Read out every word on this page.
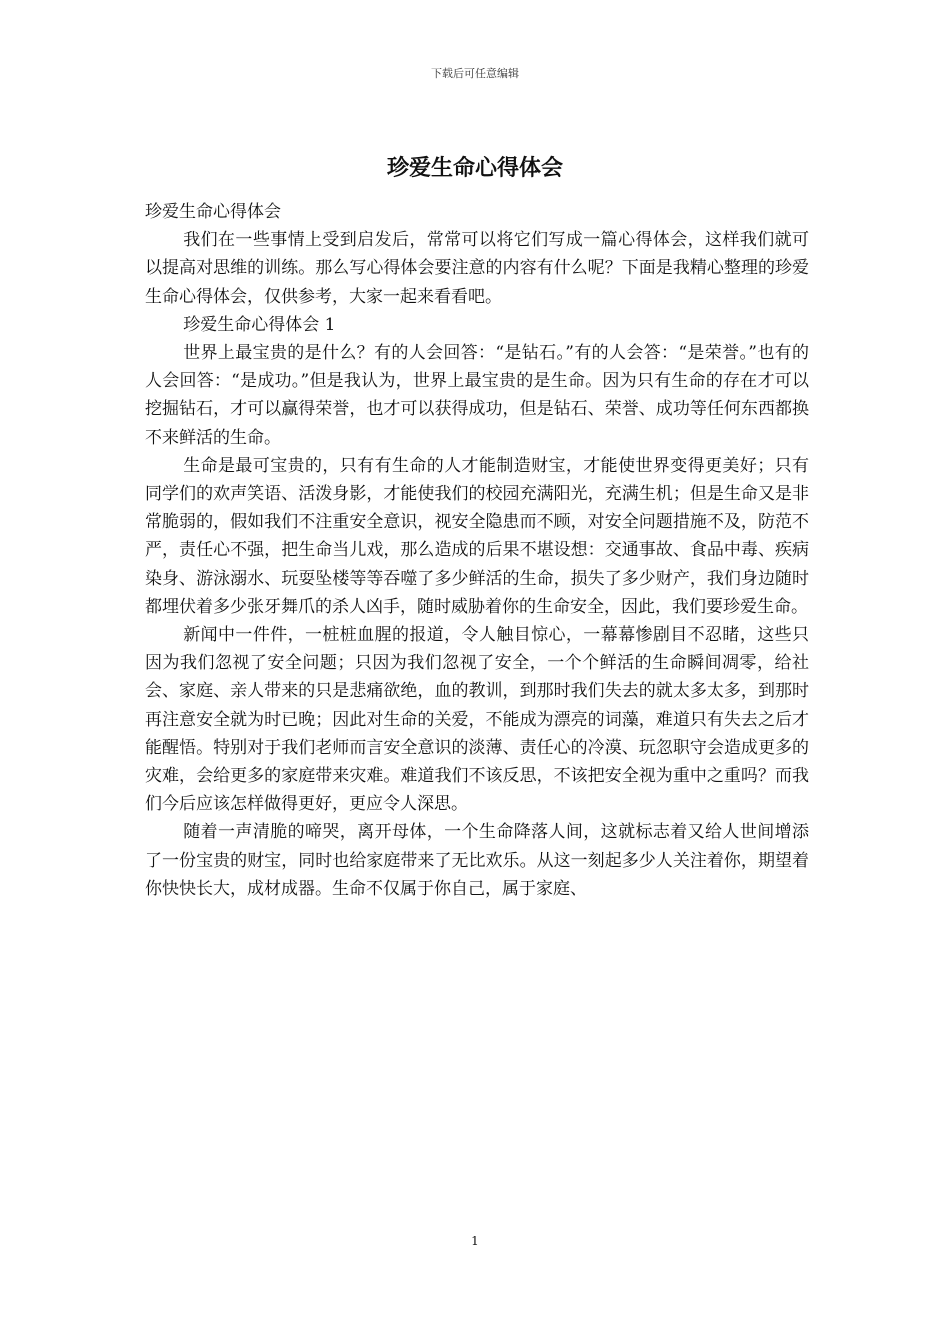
下载后可任意编辑
珍爱生命心得体会

珍爱生命心得体会

我们在一些事情上受到启发后，常常可以将它们写成一篇心得体会，这样我们就可以提高对思维的训练。那么写心得体会要注意的内容有什么呢？下面是我精心整理的珍爱生命心得体会，仅供参考，大家一起来看看吧。

珍爱生命心得体会 1

世界上最宝贵的是什么？有的人会回答：“是钻石。”有的人会答：“是荣誉。”也有的人会回答：“是成功。”但是我认为，世界上最宝贵的是生命。因为只有生命的存在才可以挖掘钻石，才可以赢得荣誉，也才可以获得成功，但是钻石、荣誉、成功等任何东西都换不来鲜活的生命。

生命是最可宝贵的，只有有生命的人才能制造财宝，才能使世界变得更美好；只有同学们的欢声笑语、活泼身影，才能使我们的校园充满阳光，充满生机；但是生命又是非常脆弱的，假如我们不注重安全意识，视安全隐患而不顾，对安全问题措施不及，防范不严，责任心不强，把生命当儿戏，那么造成的后果不堪设想：交通事故、食品中毒、疾病染身、游泳溺水、玩耍坠楼等等吞噬了多少鲜活的生命，损失了多少财产，我们身边随时都埋伏着多少张牙舞爪的杀人凶手，随时威胁着你的生命安全，因此，我们要珍爱生命。

新闻中一件件，一桩桩血腥的报道，令人触目惊心，一幕幕惨剧目不忍睹，这些只因为我们忽视了安全问题；只因为我们忽视了安全，一个个鲜活的生命瞬间凋零，给社会、家庭、亲人带来的只是悲痛欲绝，血的教训，到那时我们失去的就太多太多，到那时再注意安全就为时已晚；因此对生命的关爱，不能成为漂亮的词藻，难道只有失去之后才能醒悟。特别对于我们老师而言安全意识的淡薄、责任心的冷漠、玩忽职守会造成更多的灾难，会给更多的家庭带来灾难。难道我们不该反思，不该把安全视为重中之重吗？而我们今后应该怎样做得更好，更应令人深思。

随着一声清脆的啼哭，离开母体，一个生命降落人间，这就标志着又给人世间增添了一份宝贵的财宝，同时也给家庭带来了无比欢乐。从这一刻起多少人关注着你，期望着你快快长大，成材成器。生命不仅属于你自己，属于家庭、

1
